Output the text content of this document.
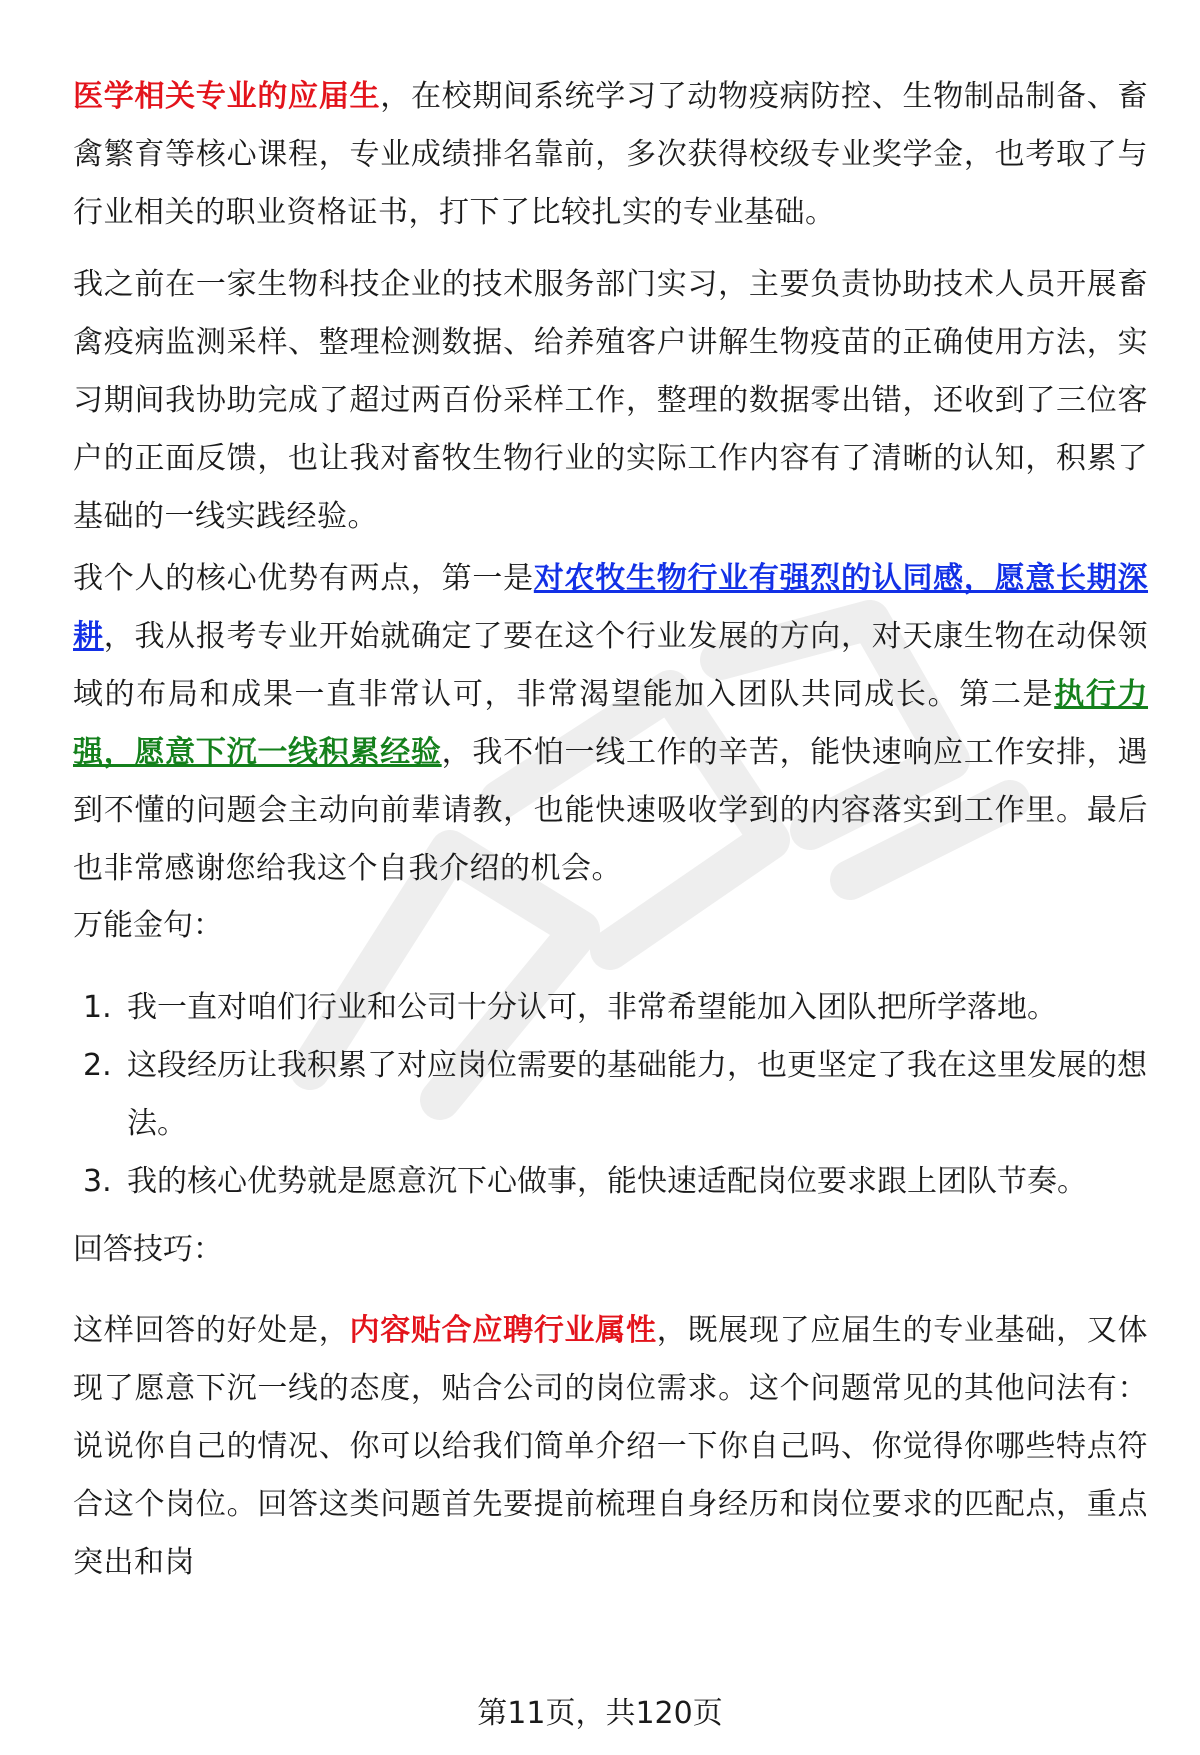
医学相关专业的应届生，在校期间系统学习了动物疫病防控、生物制品制备、畜禽繁育等核心课程，专业成绩排名靠前，多次获得校级专业奖学金，也考取了与行业相关的职业资格证书，打下了比较扎实的专业基础。

我之前在一家生物科技企业的技术服务部门实习，主要负责协助技术人员开展畜禽疫病监测采样、整理检测数据、给养殖客户讲解生物疫苗的正确使用方法，实习期间我协助完成了超过两百份采样工作，整理的数据零出错，还收到了三位客户的正面反馈，也让我对畜牧生物行业的实际工作内容有了清晰的认知，积累了基础的一线实践经验。

我个人的核心优势有两点，第一是对农牧生物行业有强烈的认同感，愿意长期深耕，我从报考专业开始就确定了要在这个行业发展的方向，对天康生物在动保领域的布局和成果一直非常认可，非常渴望能加入团队共同成长。第二是执行力强，愿意下沉一线积累经验，我不怕一线工作的辛苦，能快速响应工作安排，遇到不懂的问题会主动向前辈请教，也能快速吸收学到的内容落实到工作里。最后也非常感谢您给我这个自我介绍的机会。

万能金句：

1. 我一直对咱们行业和公司十分认可，非常希望能加入团队把所学落地。
2. 这段经历让我积累了对应岗位需要的基础能力，也更坚定了我在这里发展的想法。
3. 我的核心优势就是愿意沉下心做事，能快速适配岗位要求跟上团队节奏。

回答技巧：

这样回答的好处是，内容贴合应聘行业属性，既展现了应届生的专业基础，又体现了愿意下沉一线的态度，贴合公司的岗位需求。这个问题常见的其他问法有：说说你自己的情况、你可以给我们简单介绍一下你自己吗、你觉得你哪些特点符合这个岗位。回答这类问题首先要提前梳理自身经历和岗位要求的匹配点，重点突出和岗

第11页，共120页
